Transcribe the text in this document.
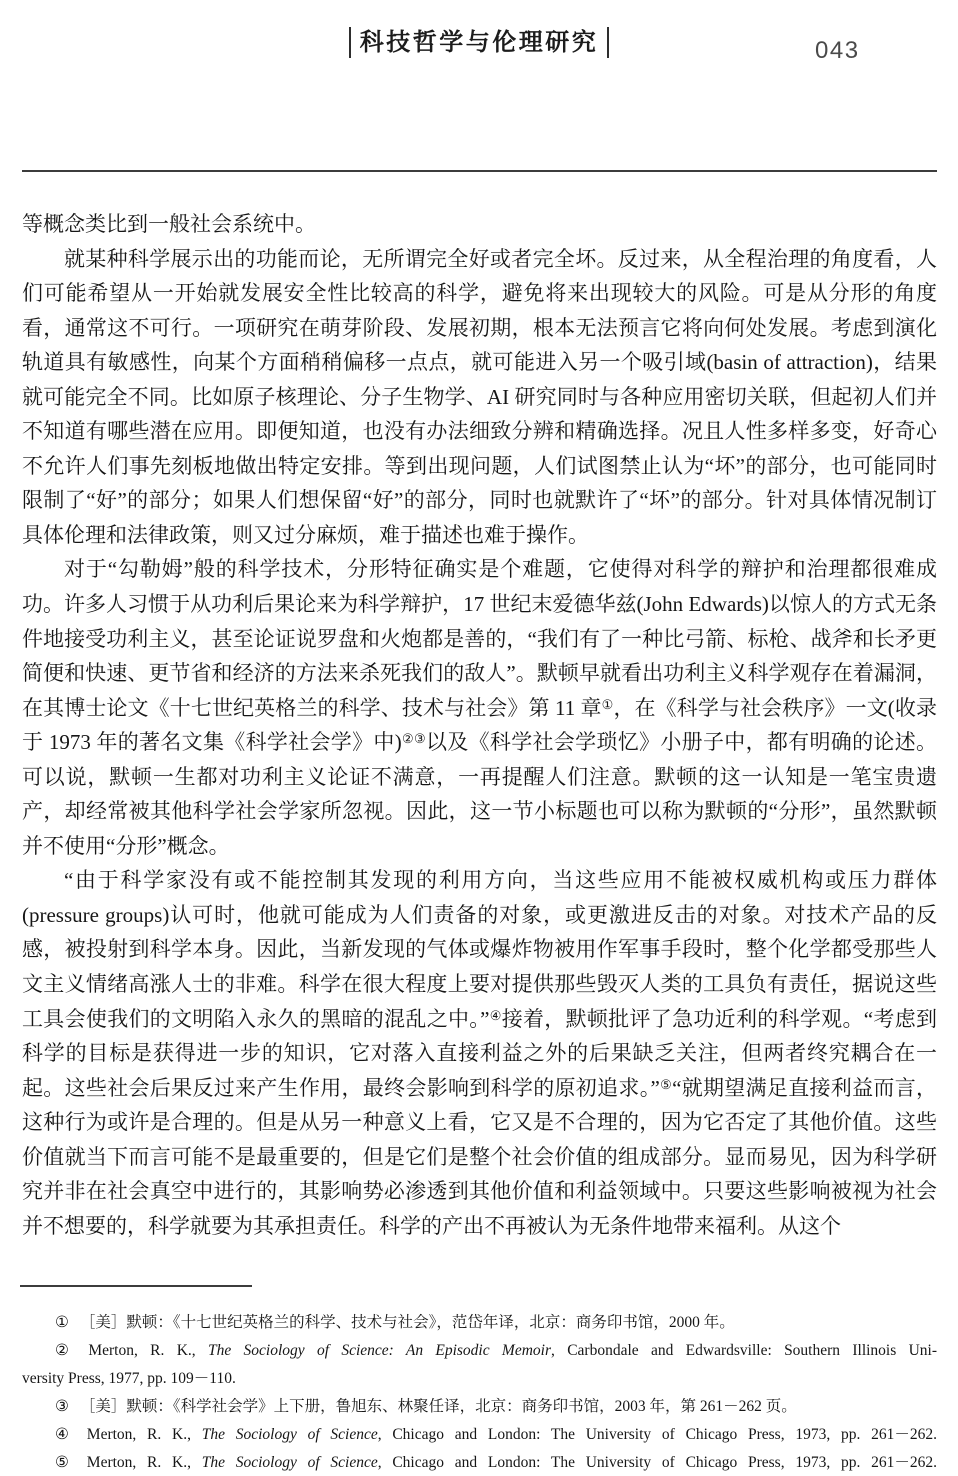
科技哲学与伦理研究	043

等概念类比到一般社会系统中。

就某种科学展示出的功能而论，无所谓完全好或者完全坏。反过来，从全程治理的角度看，人们可能希望从一开始就发展安全性比较高的科学，避免将来出现较大的风险。可是从分形的角度看，通常这不可行。一项研究在萌芽阶段、发展初期，根本无法预言它将向何处发展。考虑到演化轨道具有敏感性，向某个方面稍稍偏移一点点，就可能进入另一个吸引域(basin of attraction)，结果就可能完全不同。比如原子核理论、分子生物学、AI 研究同时与各种应用密切关联，但起初人们并不知道有哪些潜在应用。即便知道，也没有办法细致分辨和精确选择。况且人性多样多变，好奇心不允许人们事先刻板地做出特定安排。等到出现问题，人们试图禁止认为“坏”的部分，也可能同时限制了“好”的部分；如果人们想保留“好”的部分，同时也就默许了“坏”的部分。针对具体情况制订具体伦理和法律政策，则又过分麻烦，难于描述也难于操作。

对于“勾勒姆”般的科学技术，分形特征确实是个难题，它使得对科学的辩护和治理都很难成功。许多人习惯于从功利后果论来为科学辩护，17 世纪末爱德华兹(John Edwards)以惊人的方式无条件地接受功利主义，甚至论证说罗盘和火炮都是善的，“我们有了一种比弓箭、标枪、战斧和长矛更简便和快速、更节省和经济的方法来杀死我们的敌人”。默顿早就看出功利主义科学观存在着漏洞，在其博士论文《十七世纪英格兰的科学、技术与社会》第 11 章①，在《科学与社会秩序》一文(收录于 1973 年的著名文集《科学社会学》中)②③以及《科学社会学琐忆》小册子中，都有明确的论述。可以说，默顿一生都对功利主义论证不满意，一再提醒人们注意。默顿的这一认知是一笔宝贵遗产，却经常被其他科学社会学家所忽视。因此，这一节小标题也可以称为默顿的“分形”，虽然默顿并不使用“分形”概念。

“由于科学家没有或不能控制其发现的利用方向，当这些应用不能被权威机构或压力群体(pressure groups)认可时，他就可能成为人们责备的对象，或更激进反击的对象。对技术产品的反感，被投射到科学本身。因此，当新发现的气体或爆炸物被用作军事手段时，整个化学都受那些人文主义情绪高涨人士的非难。科学在很大程度上要对提供那些毁灭人类的工具负有责任，据说这些工具会使我们的文明陷入永久的黑暗的混乱之中。”④接着，默顿批评了急功近利的科学观。“考虑到科学的目标是获得进一步的知识，它对落入直接利益之外的后果缺乏关注，但两者终究耦合在一起。这些社会后果反过来产生作用，最终会影响到科学的原初追求。”⑤“就期望满足直接利益而言，这种行为或许是合理的。但是从另一种意义上看，它又是不合理的，因为它否定了其他价值。这些价值就当下而言可能不是最重要的，但是它们是整个社会价值的组成部分。显而易见，因为科学研究并非在社会真空中进行的，其影响势必渗透到其他价值和利益领域中。只要这些影响被视为社会并不想要的，科学就要为其承担责任。科学的产出不再被认为无条件地带来福利。从这个

① ［美］默顿：《十七世纪英格兰的科学、技术与社会》，范岱年译，北京：商务印书馆，2000 年。
② Merton, R. K., The Sociology of Science: An Episodic Memoir, Carbondale and Edwardsville: Southern Illinois Uni-
versity Press, 1977, pp. 109－110.
③ ［美］默顿：《科学社会学》上下册，鲁旭东、林聚任译，北京：商务印书馆，2003 年，第 261－262 页。
④ Merton, R. K., The Sociology of Science, Chicago and London: The University of Chicago Press, 1973, pp. 261－262.
⑤ Merton, R. K., The Sociology of Science, Chicago and London: The University of Chicago Press, 1973, pp. 261－262.
